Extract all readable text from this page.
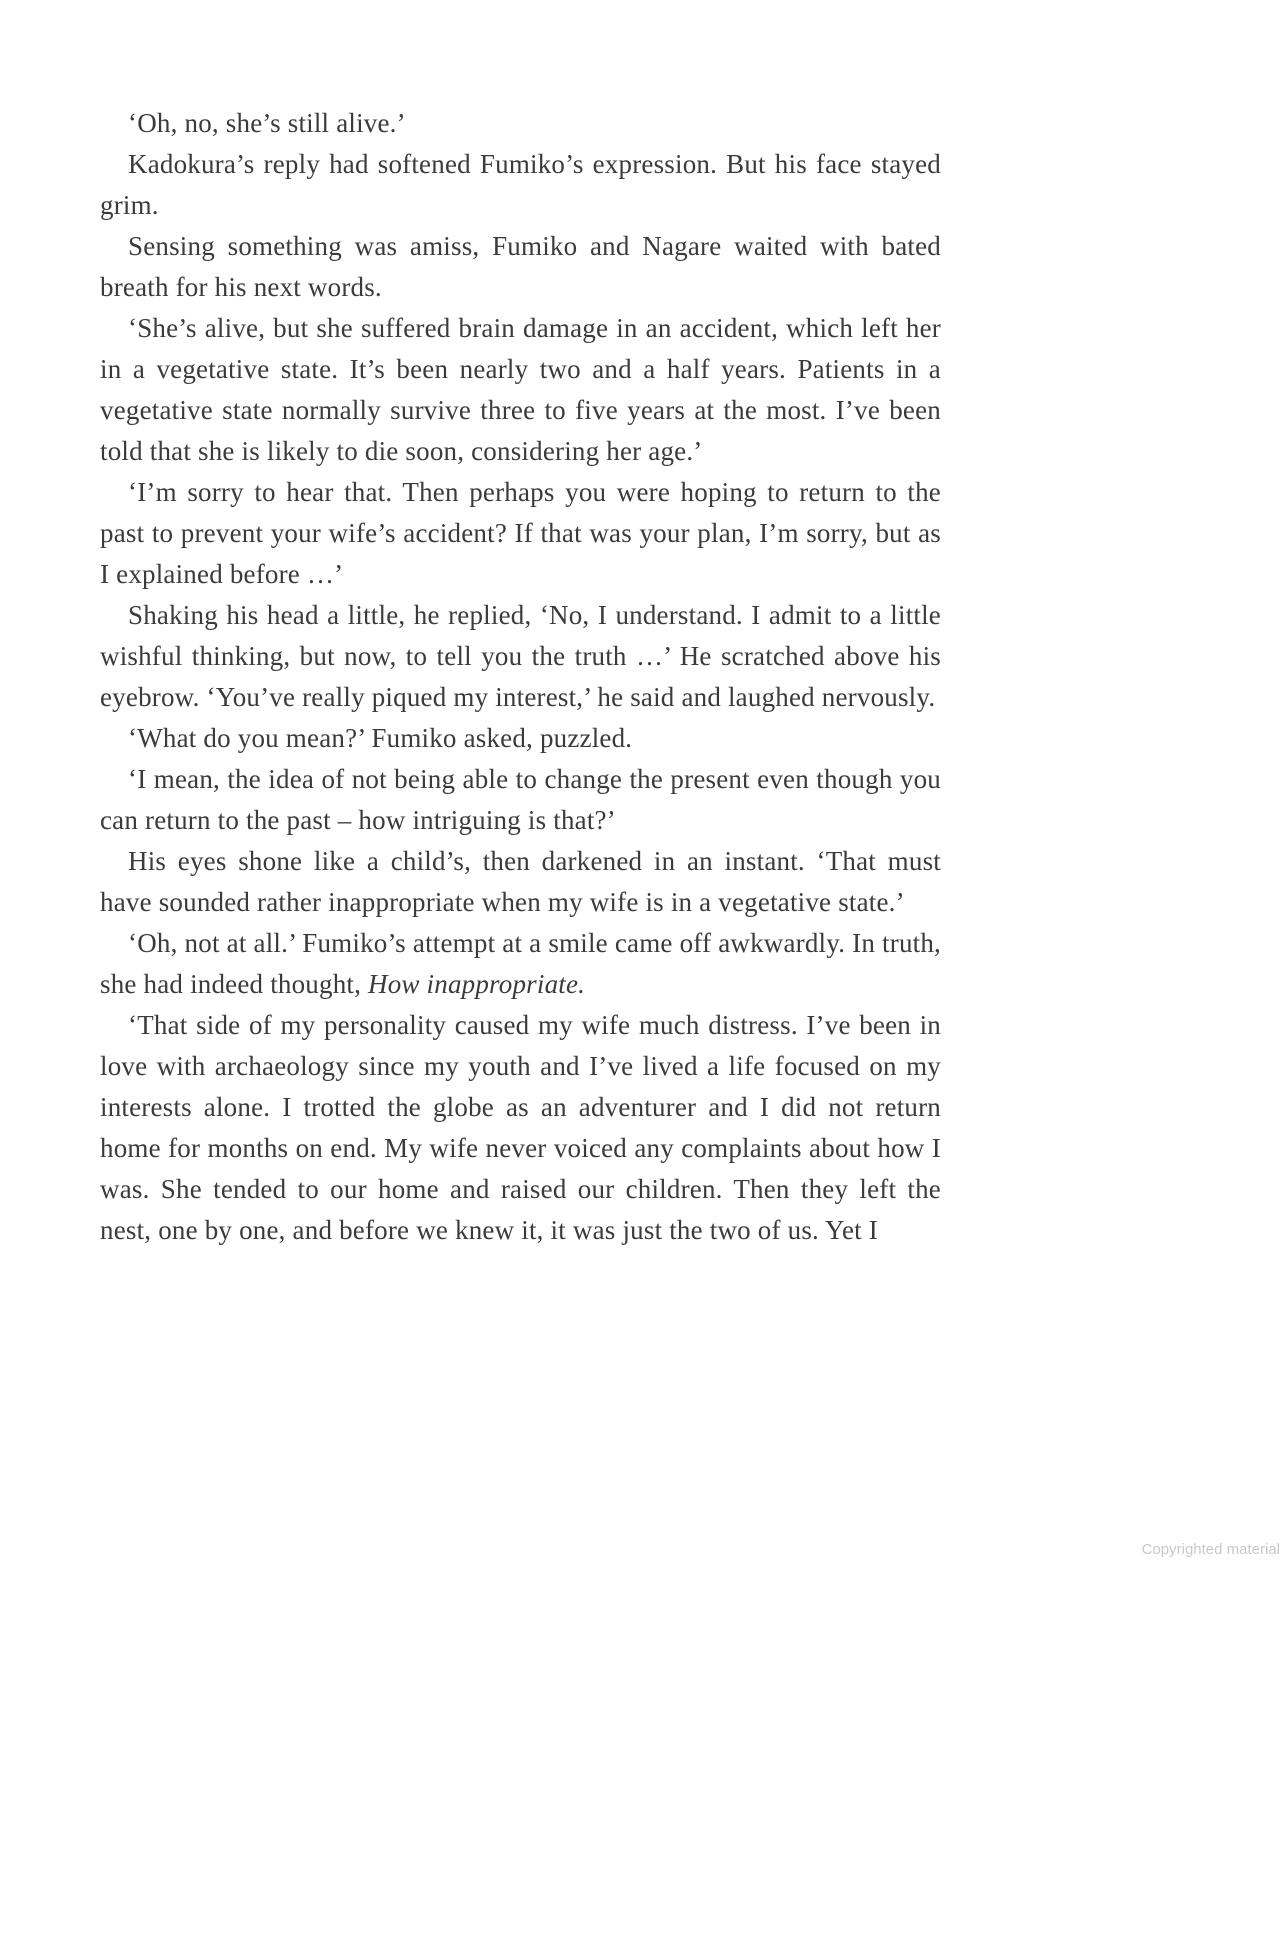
‘Oh, no, she’s still alive.’

Kadokura’s reply had softened Fumiko’s expression. But his face stayed grim.

Sensing something was amiss, Fumiko and Nagare waited with bated breath for his next words.

‘She’s alive, but she suffered brain damage in an accident, which left her in a vegetative state. It’s been nearly two and a half years. Patients in a vegetative state normally survive three to five years at the most. I’ve been told that she is likely to die soon, considering her age.’

‘I’m sorry to hear that. Then perhaps you were hoping to return to the past to prevent your wife’s accident? If that was your plan, I’m sorry, but as I explained before …’

Shaking his head a little, he replied, ‘No, I understand. I admit to a little wishful thinking, but now, to tell you the truth …’ He scratched above his eyebrow. ‘You’ve really piqued my interest,’ he said and laughed nervously.

‘What do you mean?’ Fumiko asked, puzzled.

‘I mean, the idea of not being able to change the present even though you can return to the past – how intriguing is that?’

His eyes shone like a child’s, then darkened in an instant. ‘That must have sounded rather inappropriate when my wife is in a vegetative state.’

‘Oh, not at all.’ Fumiko’s attempt at a smile came off awkwardly. In truth, she had indeed thought, How inappropriate.

‘That side of my personality caused my wife much distress. I’ve been in love with archaeology since my youth and I’ve lived a life focused on my interests alone. I trotted the globe as an adventurer and I did not return home for months on end. My wife never voiced any complaints about how I was. She tended to our home and raised our children. Then they left the nest, one by one, and before we knew it, it was just the two of us. Yet I

Copyrighted material
